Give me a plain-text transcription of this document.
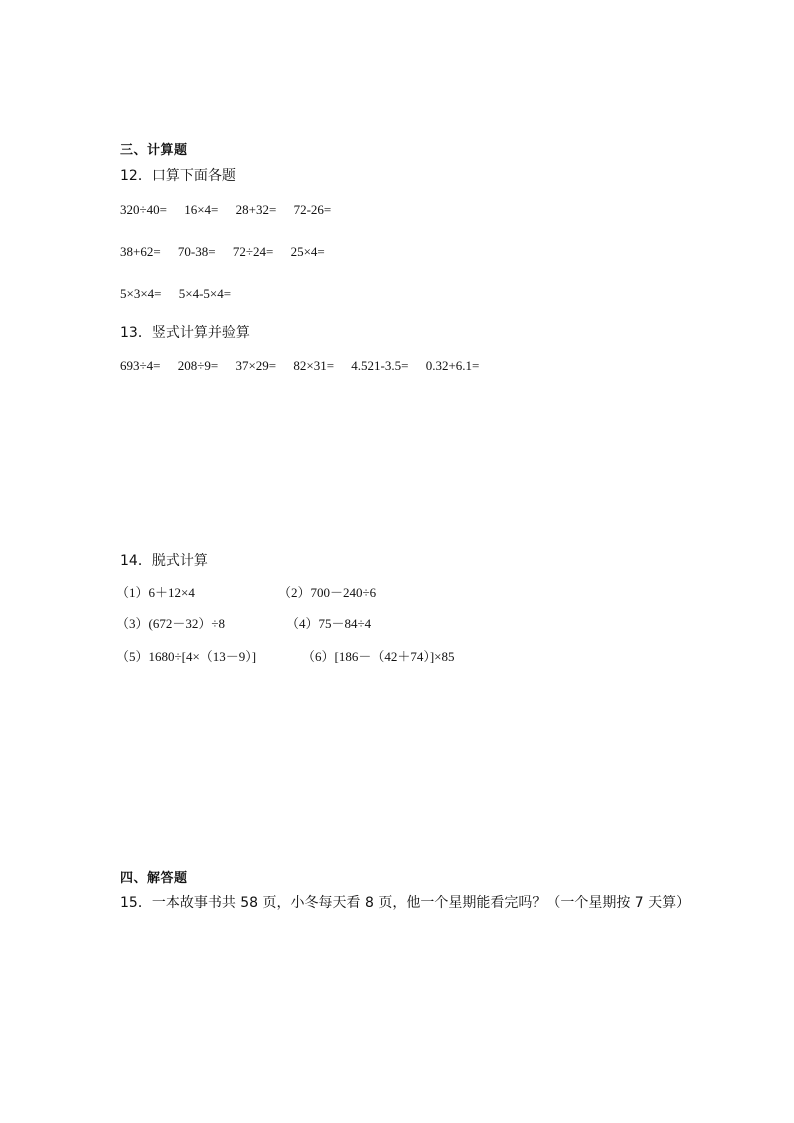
三、计算题
12．口算下面各题
320÷40= 16×4= 28+32= 72-26=
38+62= 70-38= 72÷24= 25×4=
5×3×4= 5×4-5×4=
13．竖式计算并验算
693÷4= 208÷9= 37×29= 82×31= 4.521-3.5= 0.32+6.1=
14．脱式计算
（1）6＋12×4	（2）700－240÷6
（3）(672－32）÷8	（4）75－84÷4
（5）1680÷[4×（13－9）]	（6）[186－（42＋74）]×85
四、解答题
15．一本故事书共 58 页，小冬每天看 8 页，他一个星期能看完吗？（一个星期按 7 天算）
